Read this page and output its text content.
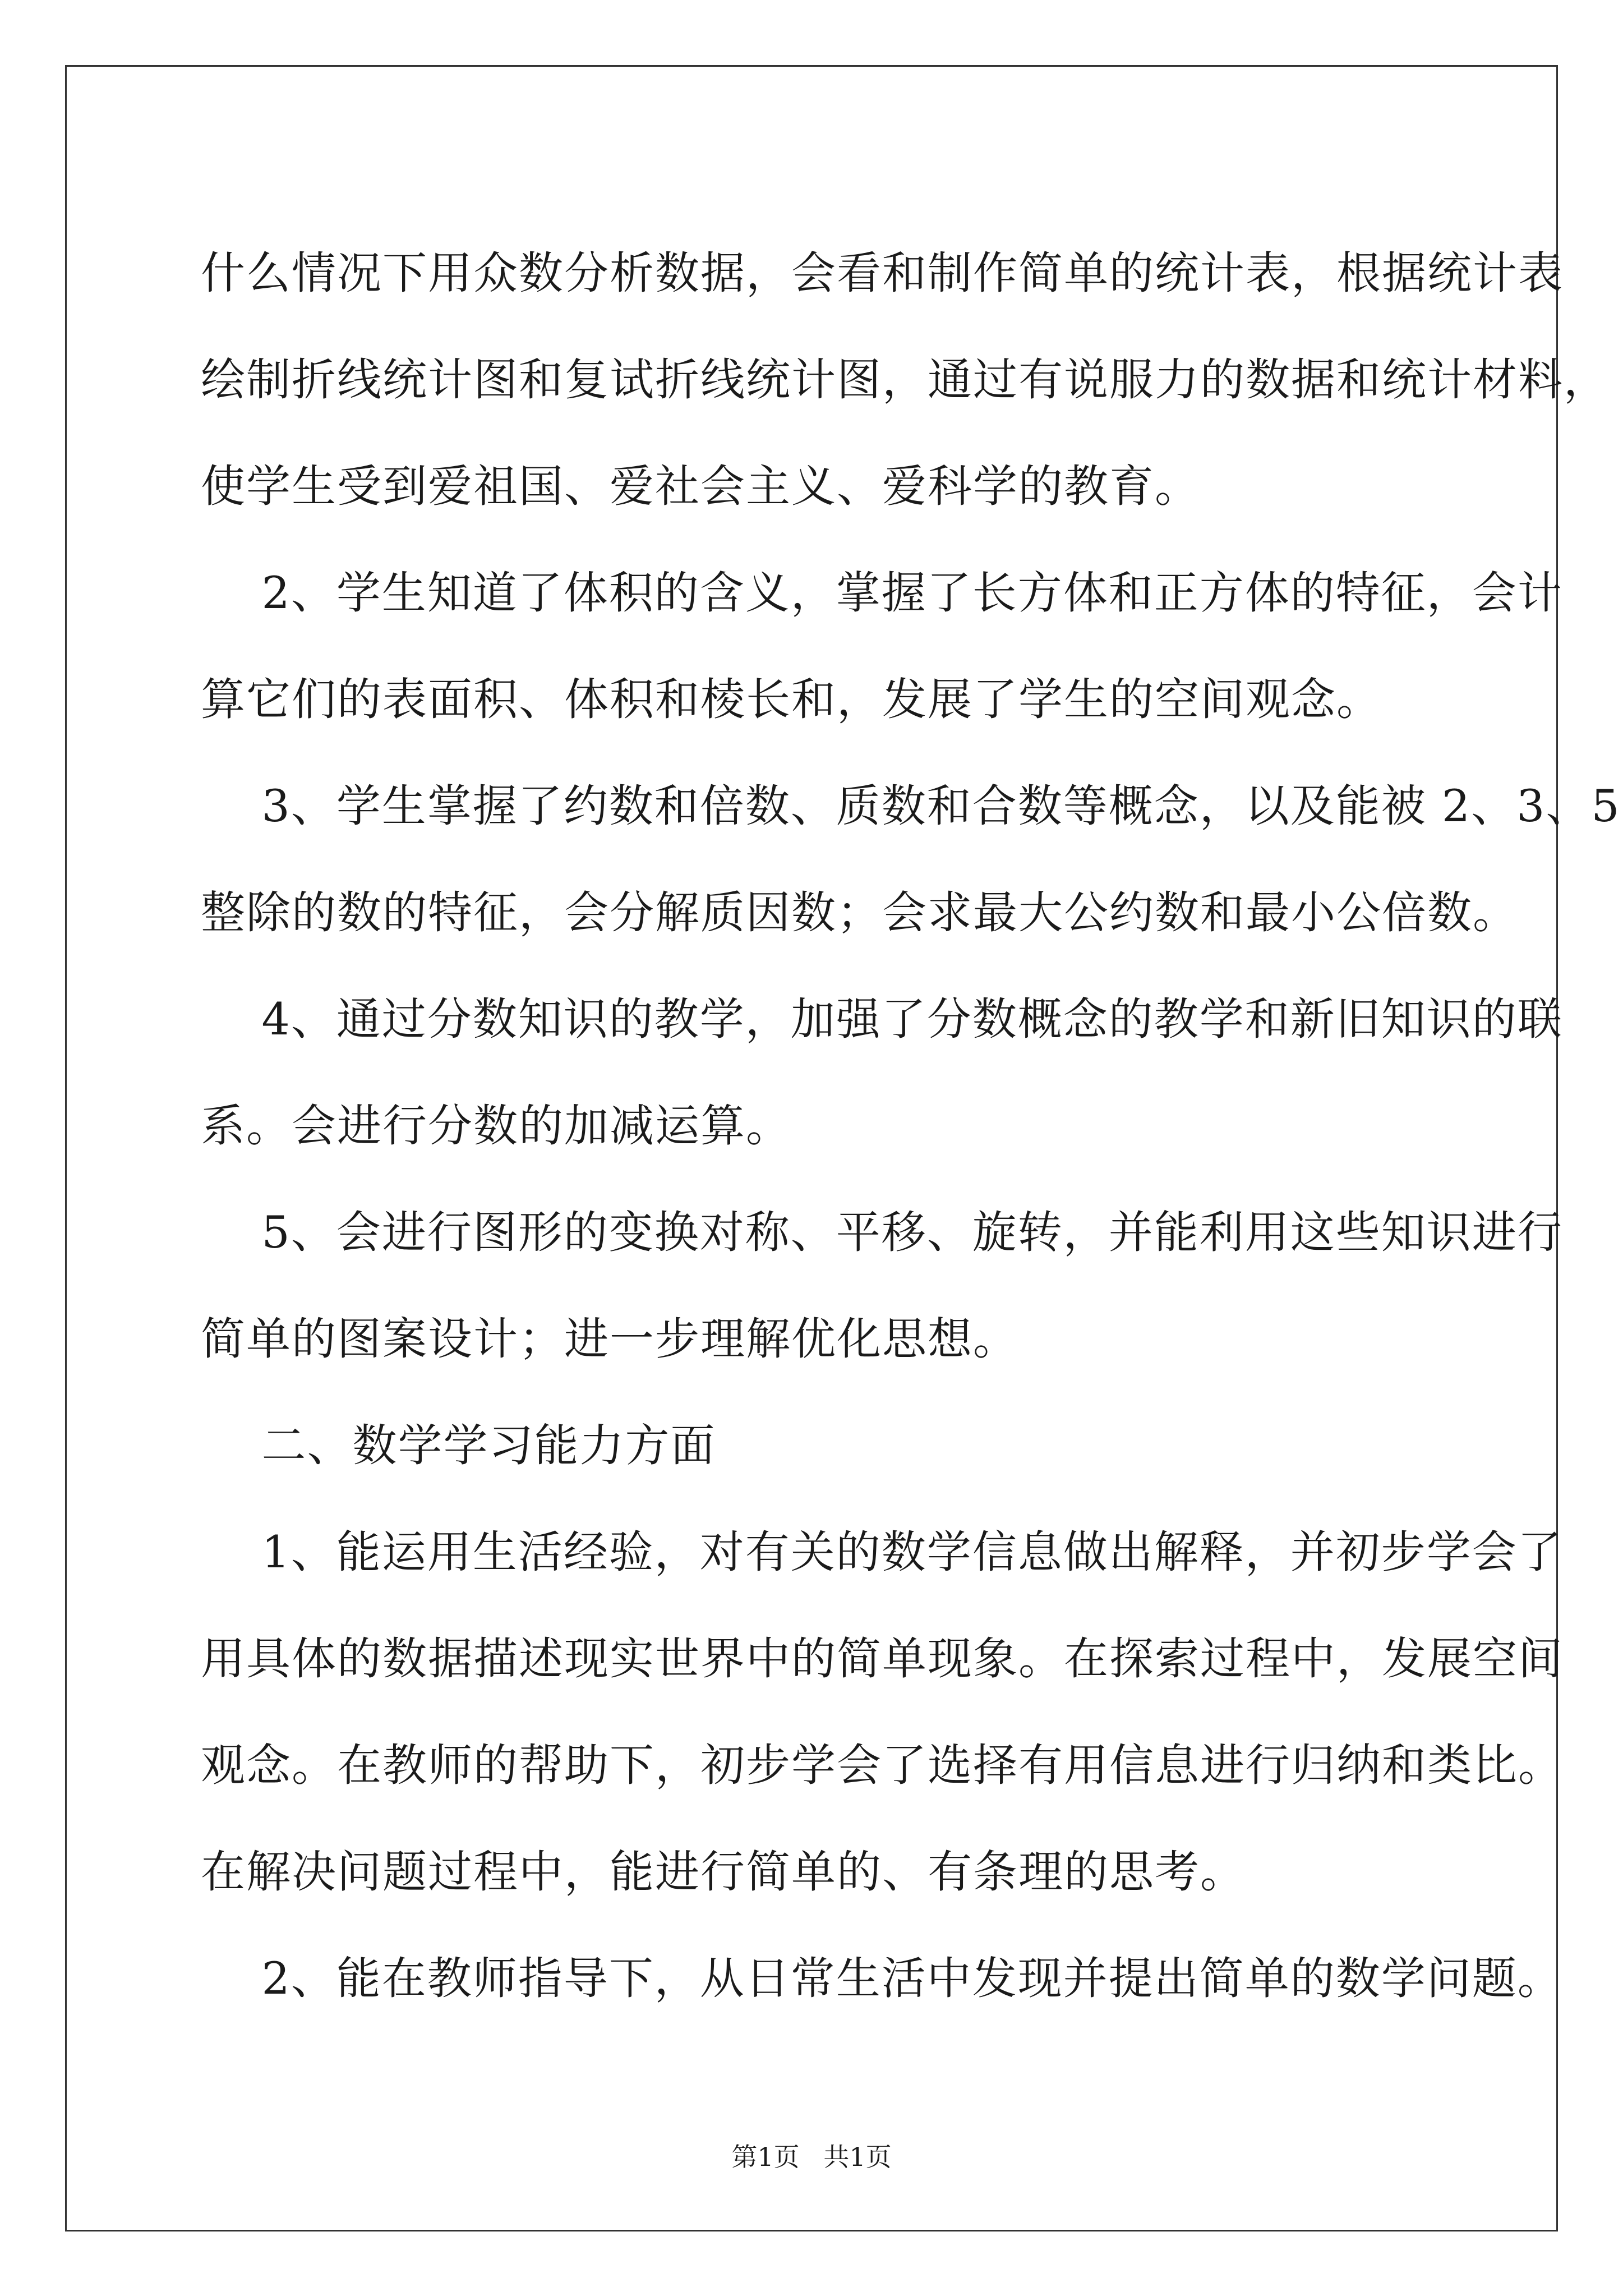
什么情况下用众数分析数据，会看和制作简单的统计表，根据统计表

绘制折线统计图和复试折线统计图，通过有说服力的数据和统计材料，

使学生受到爱祖国、爱社会主义、爱科学的教育。

2、学生知道了体积的含义，掌握了长方体和正方体的特征，会计

算它们的表面积、体积和棱长和，发展了学生的空间观念。

3、学生掌握了约数和倍数、质数和合数等概念，以及能被 2、3、5

整除的数的特征，会分解质因数；会求最大公约数和最小公倍数。

4、通过分数知识的教学，加强了分数概念的教学和新旧知识的联

系。会进行分数的加减运算。

5、会进行图形的变换对称、平移、旋转，并能利用这些知识进行

简单的图案设计；进一步理解优化思想。

二、数学学习能力方面

1、能运用生活经验，对有关的数学信息做出解释，并初步学会了

用具体的数据描述现实世界中的简单现象。在探索过程中，发展空间

观念。在教师的帮助下，初步学会了选择有用信息进行归纳和类比。

在解决问题过程中，能进行简单的、有条理的思考。

2、能在教师指导下，从日常生活中发现并提出简单的数学问题。

第1页 共1页
